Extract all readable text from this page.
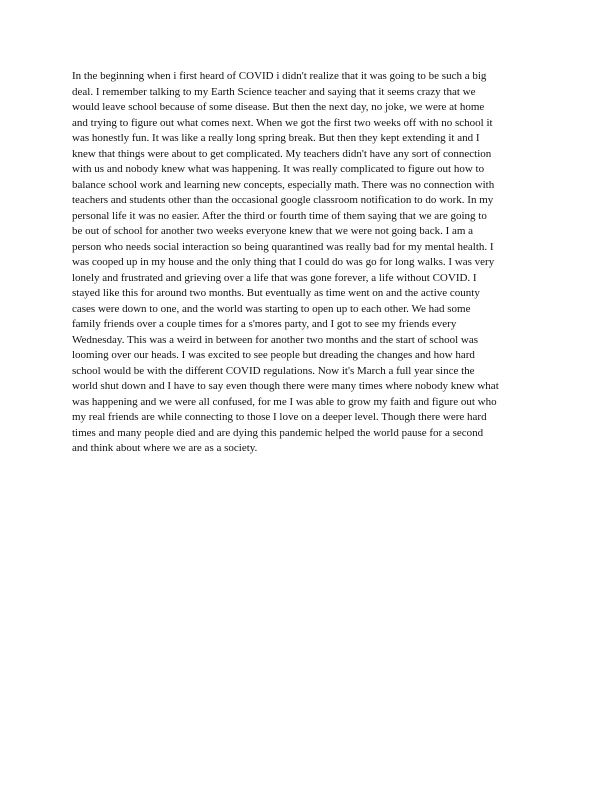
In the beginning when i first heard of COVID i didn't realize that it was going to be such a big
deal. I remember talking to my Earth Science teacher and saying that it seems crazy that we
would leave school because of some disease. But then the next day, no joke, we were at home
and trying to figure out what comes next. When we got the first two weeks off with no school it
was honestly fun. It was like a really long spring break. But then they kept extending it and I
knew that things were about to get complicated. My teachers didn't have any sort of connection
with us and nobody knew what was happening. It was really complicated to figure out how to
balance school work and learning new concepts, especially math. There was no connection with
teachers and students other than the occasional google classroom notification to do work. In my
personal life it was no easier. After the third or fourth time of them saying that we are going to
be out of school for another two weeks everyone knew that we were not going back. I am a
person who needs social interaction so being quarantined was really bad for my mental health. I
was cooped up in my house and the only thing that I could do was go for long walks. I was very
lonely and frustrated and grieving over a life that was gone forever, a life without COVID. I
stayed like this for around two months. But eventually as time went on and the active county
cases were down to one, and the world was starting to open up to each other. We had some
family friends over a couple times for a s'mores party, and I got to see my friends every
Wednesday. This was a weird in between for another two months and the start of school was
looming over our heads. I was excited to see people but dreading the changes and how hard
school would be with the different COVID regulations. Now it's March a full year since the
world shut down and I have to say even though there were many times where nobody knew what
was happening and we were all confused, for me I was able to grow my faith and figure out who
my real friends are while connecting to those I love on a deeper level. Though there were hard
times and many people died and are dying this pandemic helped the world pause for a second
and think about where we are as a society.
